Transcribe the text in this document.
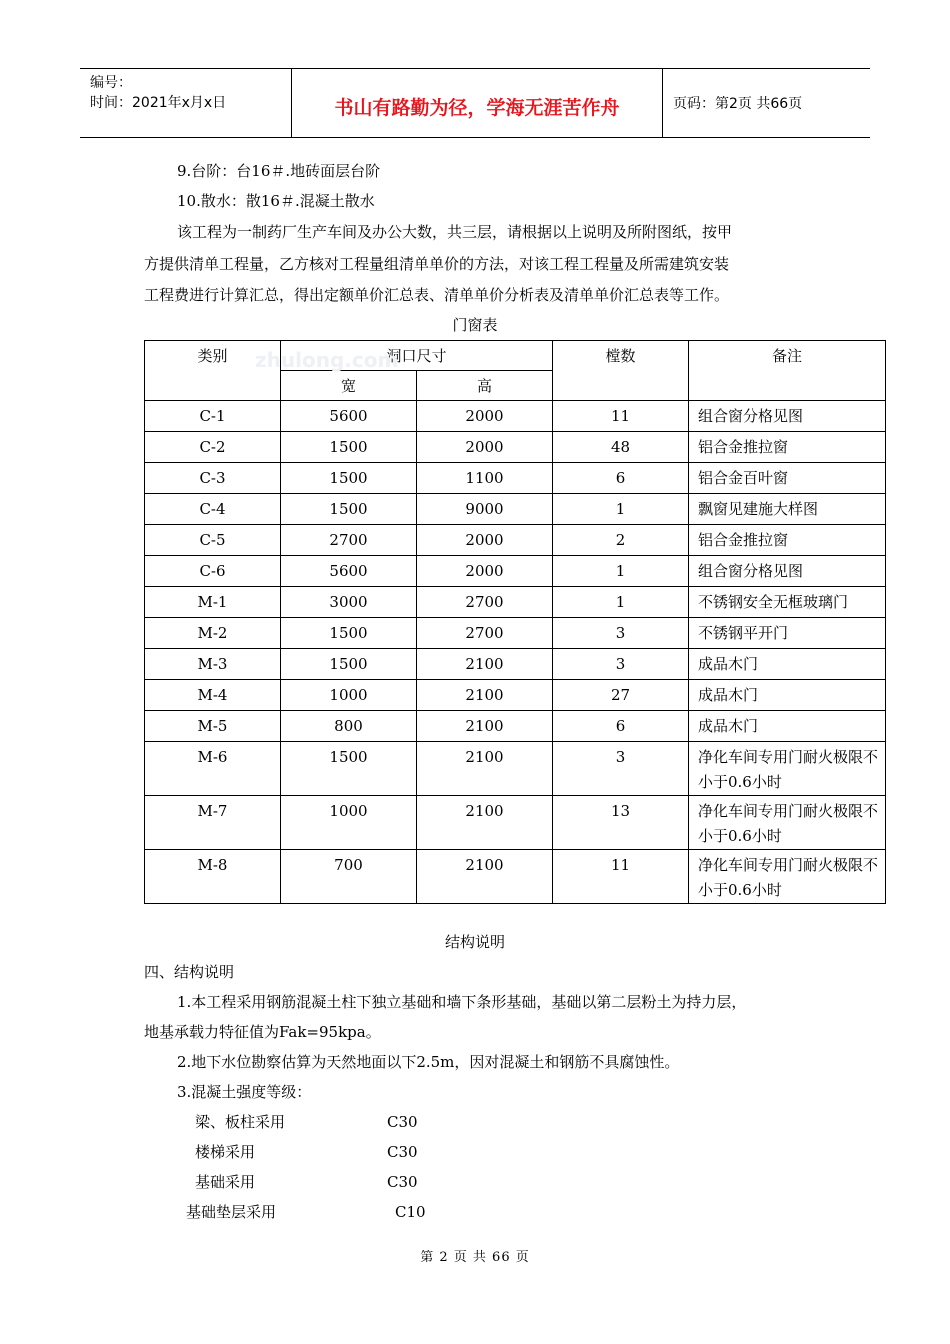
编号：
时间：2021年x月x日	书山有路勤为径，学海无涯苦作舟	页码：第2页 共66页
9.台阶：台16＃.地砖面层台阶
10.散水：散16＃.混凝土散水
该工程为一制药厂生产车间及办公大数，共三层，请根据以上说明及所附图纸，按甲
方提供清单工程量，乙方核对工程量组清单单价的方法，对该工程工程量及所需建筑安装
工程费进行计算汇总，得出定额单价汇总表、清单单价分析表及清单单价汇总表等工作。
门窗表
类别	洞口尺寸		樘数	备注
	宽	高		
C-1	5600	2000	11	组合窗分格见图
C-2	1500	2000	48	铝合金推拉窗
C-3	1500	1100	6	铝合金百叶窗
C-4	1500	9000	1	飘窗见建施大样图
C-5	2700	2000	2	铝合金推拉窗
C-6	5600	2000	1	组合窗分格见图
M-1	3000	2700	1	不锈钢安全无框玻璃门
M-2	1500	2700	3	不锈钢平开门
M-3	1500	2100	3	成品木门
M-4	1000	2100	27	成品木门
M-5	800	2100	6	成品木门
M-6	1500	2100	3	净化车间专用门耐火极限不小于0.6小时
M-7	1000	2100	13	净化车间专用门耐火极限不小于0.6小时
M-8	700	2100	11	净化车间专用门耐火极限不小于0.6小时
zhulong.com
结构说明
四、结构说明
1.本工程采用钢筋混凝土柱下独立基础和墙下条形基础，基础以第二层粉土为持力层，
地基承载力特征值为Fak=95kpa。
2.地下水位勘察估算为天然地面以下2.5m，因对混凝土和钢筋不具腐蚀性。
3.混凝土强度等级：
梁、板柱采用	C30
楼梯采用	C30
基础采用	C30
基础垫层采用	C10
第 2 页 共 66 页
